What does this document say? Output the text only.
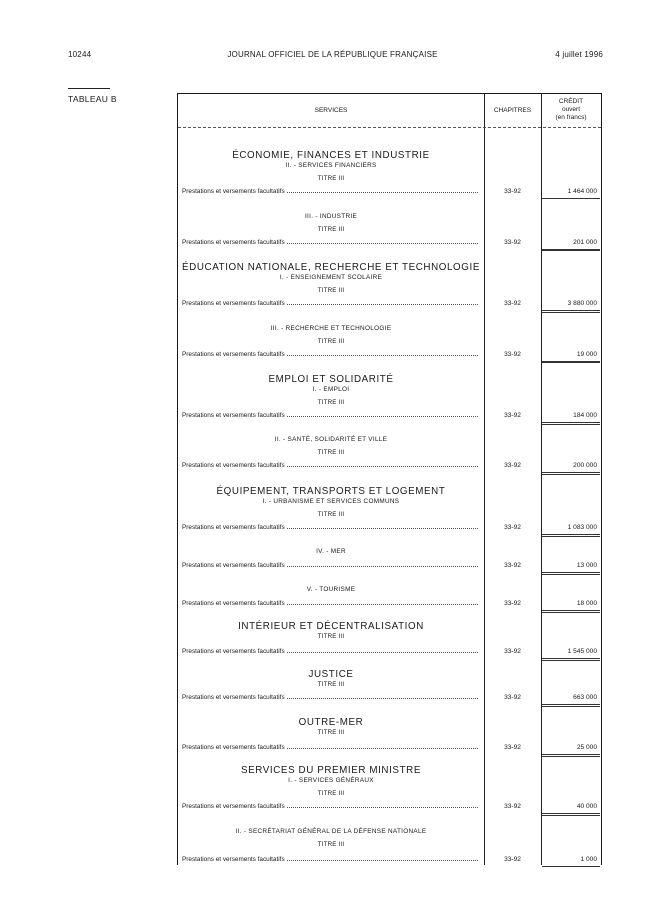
10244	JOURNAL OFFICIEL DE LA RÉPUBLIQUE FRANÇAISE	4 juillet 1996
TABLEAU B
SERVICES	CHAPITRES
CRÉDIT
ouvert
(en francs)
ÉCONOMIE, FINANCES ET INDUSTRIE
II. - SERVICES FINANCIERS
TITRE III
Prestations et versements facultatifs	33-92	1 464 000
III. - INDUSTRIE
TITRE III
Prestations et versements facultatifs	33-92	201 000
ÉDUCATION NATIONALE, RECHERCHE ET TECHNOLOGIE
I. - ENSEIGNEMENT SCOLAIRE
TITRE III
Prestations et versements facultatifs	33-92	3 880 000
III. - RECHERCHE ET TECHNOLOGIE
TITRE III
Prestations et versements facultatifs	33-92	19 000
EMPLOI ET SOLIDARITÉ
I. - EMPLOI
TITRE III
Prestations et versements facultatifs	33-92	184 000
II. - SANTÉ, SOLIDARITÉ ET VILLE
TITRE III
Prestations et versements facultatifs	33-92	200 000
ÉQUIPEMENT, TRANSPORTS ET LOGEMENT
I. - URBANISME ET SERVICES COMMUNS
TITRE III
Prestations et versements facultatifs	33-92	1 083 000
IV. - MER
Prestations et versements facultatifs	33-92	13 000
V. - TOURISME
Prestations et versements facultatifs	33-92	18 000
INTÉRIEUR ET DÉCENTRALISATION
TITRE III
Prestations et versements facultatifs	33-92	1 545 000
JUSTICE
TITRE III
Prestations et versements facultatifs	33-92	663 000
OUTRE-MER
TITRE III
Prestations et versements facultatifs	33-92	25 000
SERVICES DU PREMIER MINISTRE
I. - SERVICES GÉNÉRAUX
TITRE III
Prestations et versements facultatifs	33-92	40 000
II. - SECRÉTARIAT GÉNÉRAL DE LA DÉFENSE NATIONALE
TITRE III
Prestations et versements facultatifs	33-92	1 000
